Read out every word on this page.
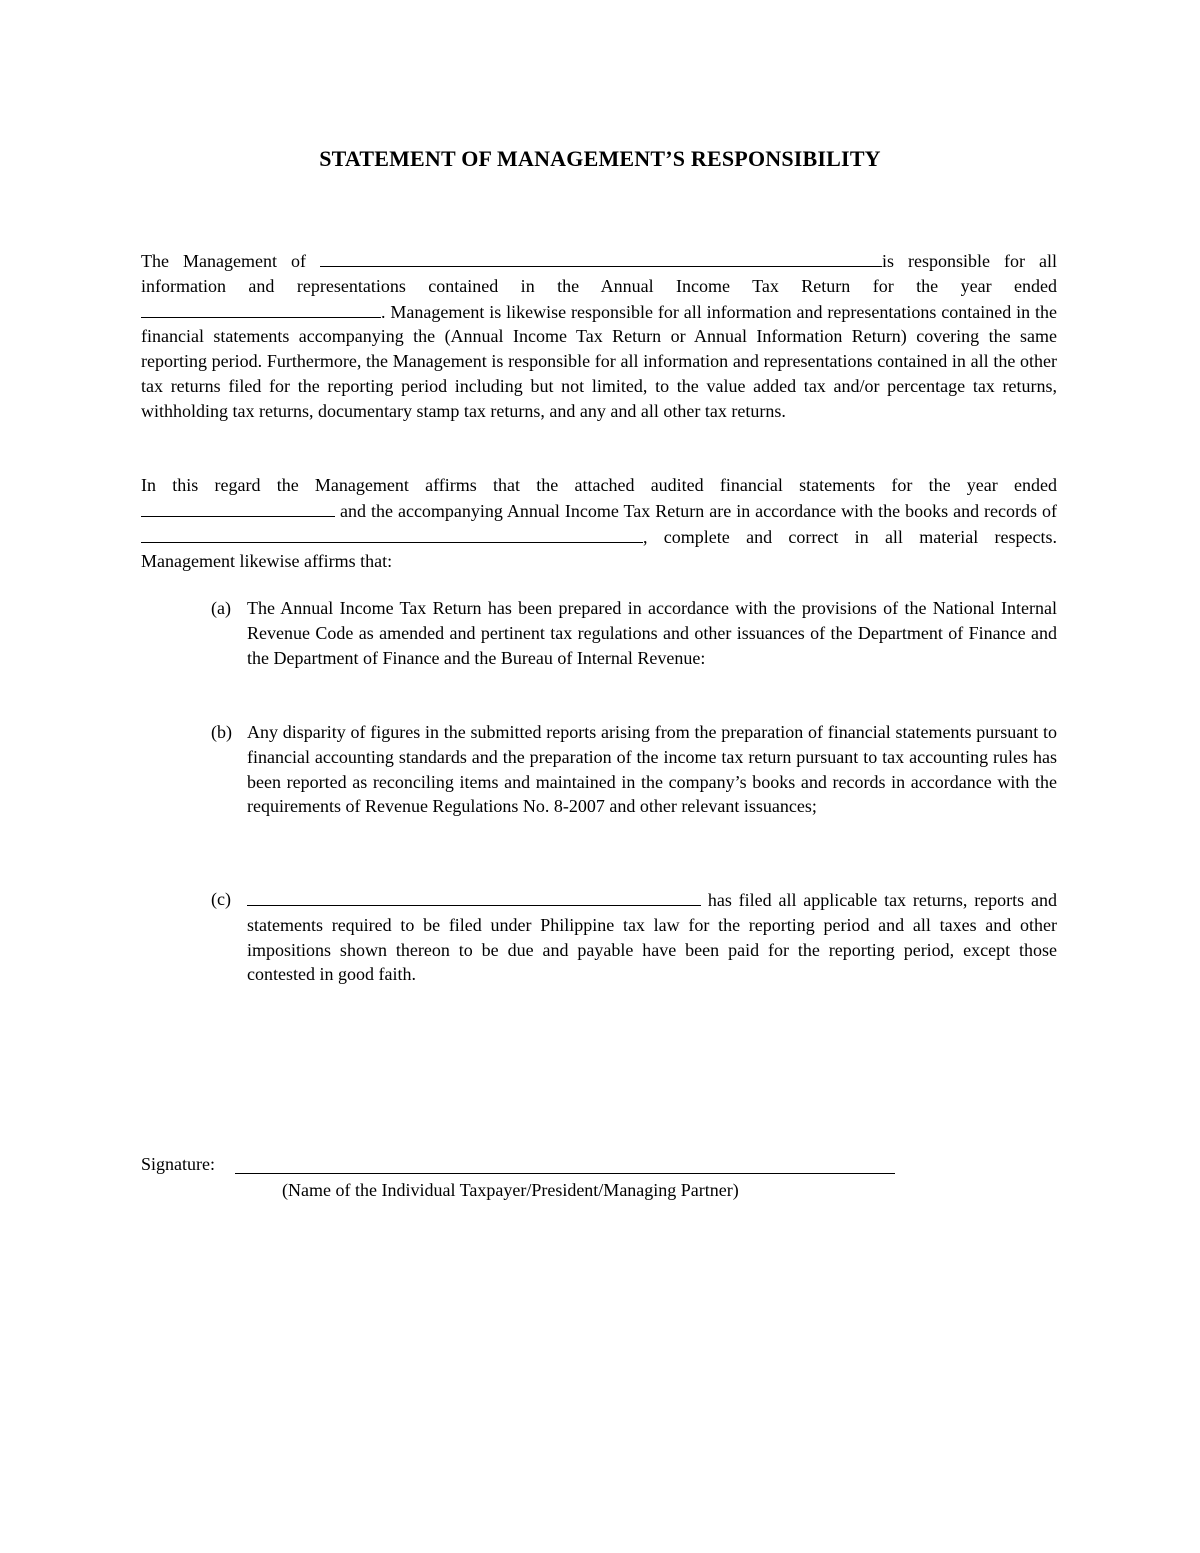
STATEMENT OF MANAGEMENT’S RESPONSIBILITY
The Management of	is responsible for all information and representations contained in the Annual Income Tax Return for the year ended . Management is likewise responsible for all information and representations contained in the financial statements accompanying the (Annual Income Tax Return or Annual Information Return) covering the same reporting period. Furthermore, the Management is responsible for all information and representations contained in all the other tax returns filed for the reporting period including but not limited, to the value added tax and/or percentage tax returns, withholding tax returns, documentary stamp tax returns, and any and all other tax returns.
In this regard the Management affirms that the attached audited financial statements for the year ended and the accompanying Annual Income Tax Return are in accordance with the books and records of , complete and correct in all material respects. Management likewise affirms that:
(a) The Annual Income Tax Return has been prepared in accordance with the provisions of the National Internal Revenue Code as amended and pertinent tax regulations and other issuances of the Department of Finance and the Department of Finance and the Bureau of Internal Revenue:
(b) Any disparity of figures in the submitted reports arising from the preparation of financial statements pursuant to financial accounting standards and the preparation of the income tax return pursuant to tax accounting rules has been reported as reconciling items and maintained in the company’s books and records in accordance with the requirements of Revenue Regulations No. 8-2007 and other relevant issuances;
(c)	has filed all applicable tax returns, reports and statements required to be filed under Philippine tax law for the reporting period and all taxes and other impositions shown thereon to be due and payable have been paid for the reporting period, except those contested in good faith.
Signature:
(Name of the Individual Taxpayer/President/Managing Partner)
